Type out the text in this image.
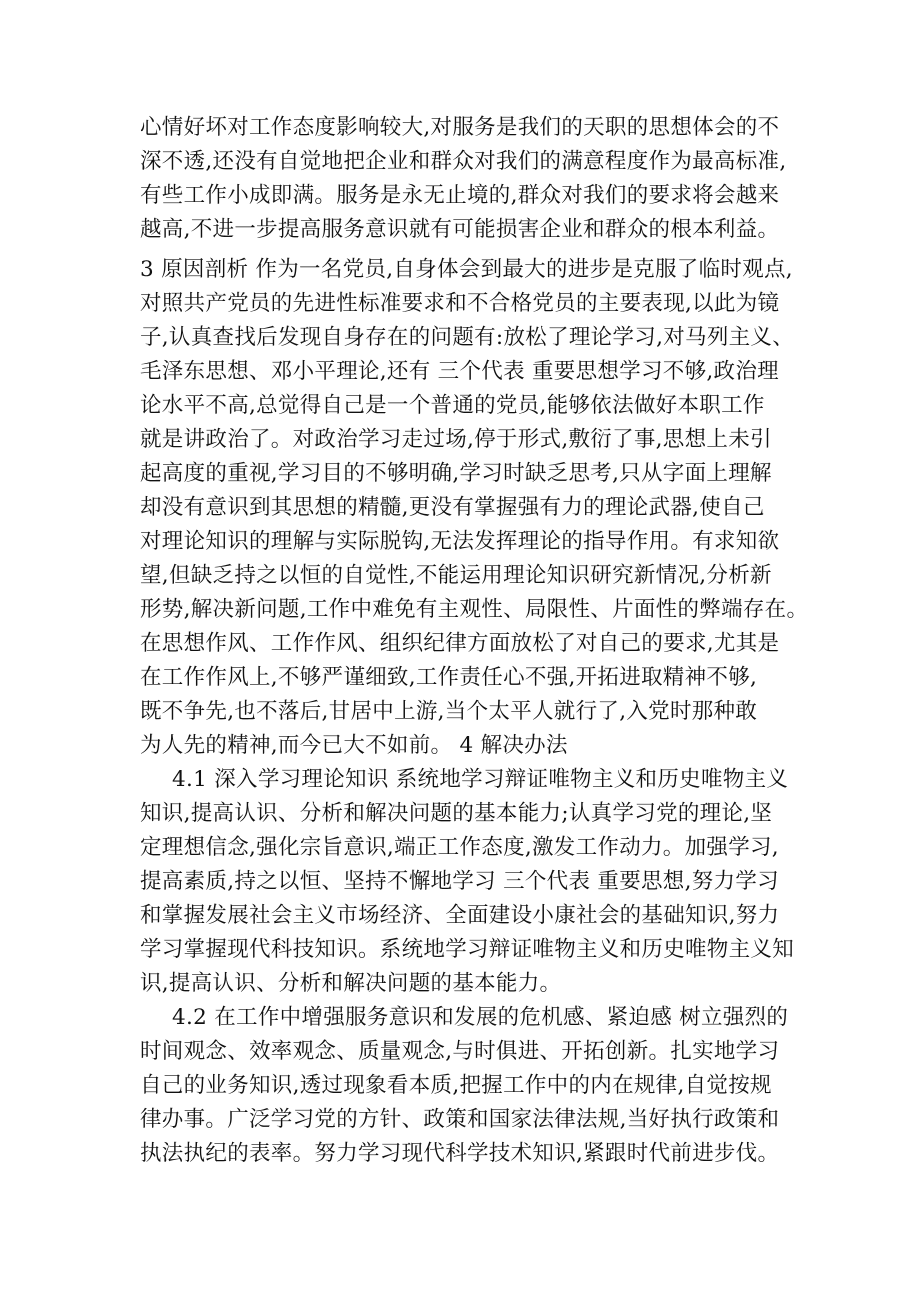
心情好坏对工作态度影响较大,对服务是我们的天职的思想体会的不
深不透,还没有自觉地把企业和群众对我们的满意程度作为最高标准,
有些工作小成即满。服务是永无止境的,群众对我们的要求将会越来
越高,不进一步提高服务意识就有可能损害企业和群众的根本利益。
3 原因剖析 作为一名党员,自身体会到最大的进步是克服了临时观点,
对照共产党员的先进性标准要求和不合格党员的主要表现,以此为镜
子,认真查找后发现自身存在的问题有:放松了理论学习,对马列主义、
毛泽东思想、邓小平理论,还有 三个代表 重要思想学习不够,政治理
论水平不高,总觉得自己是一个普通的党员,能够依法做好本职工作
就是讲政治了。对政治学习走过场,停于形式,敷衍了事,思想上未引
起高度的重视,学习目的不够明确,学习时缺乏思考,只从字面上理解
却没有意识到其思想的精髓,更没有掌握强有力的理论武器,使自己
对理论知识的理解与实际脱钩,无法发挥理论的指导作用。有求知欲
望,但缺乏持之以恒的自觉性,不能运用理论知识研究新情况,分析新
形势,解决新问题,工作中难免有主观性、局限性、片面性的弊端存在。
在思想作风、工作作风、组织纪律方面放松了对自己的要求,尤其是
在工作作风上,不够严谨细致,工作责任心不强,开拓进取精神不够,
既不争先,也不落后,甘居中上游,当个太平人就行了,入党时那种敢
为人先的精神,而今已大不如前。 4 解决办法
4.1 深入学习理论知识 系统地学习辩证唯物主义和历史唯物主义
知识,提高认识、分析和解决问题的基本能力;认真学习党的理论,坚
定理想信念,强化宗旨意识,端正工作态度,激发工作动力。加强学习,
提高素质,持之以恒、坚持不懈地学习 三个代表 重要思想,努力学习
和掌握发展社会主义市场经济、全面建设小康社会的基础知识,努力
学习掌握现代科技知识。系统地学习辩证唯物主义和历史唯物主义知
识,提高认识、分析和解决问题的基本能力。
4.2 在工作中增强服务意识和发展的危机感、紧迫感 树立强烈的
时间观念、效率观念、质量观念,与时俱进、开拓创新。扎实地学习
自己的业务知识,透过现象看本质,把握工作中的内在规律,自觉按规
律办事。广泛学习党的方针、政策和国家法律法规,当好执行政策和
执法执纪的表率。努力学习现代科学技术知识,紧跟时代前进步伐。
